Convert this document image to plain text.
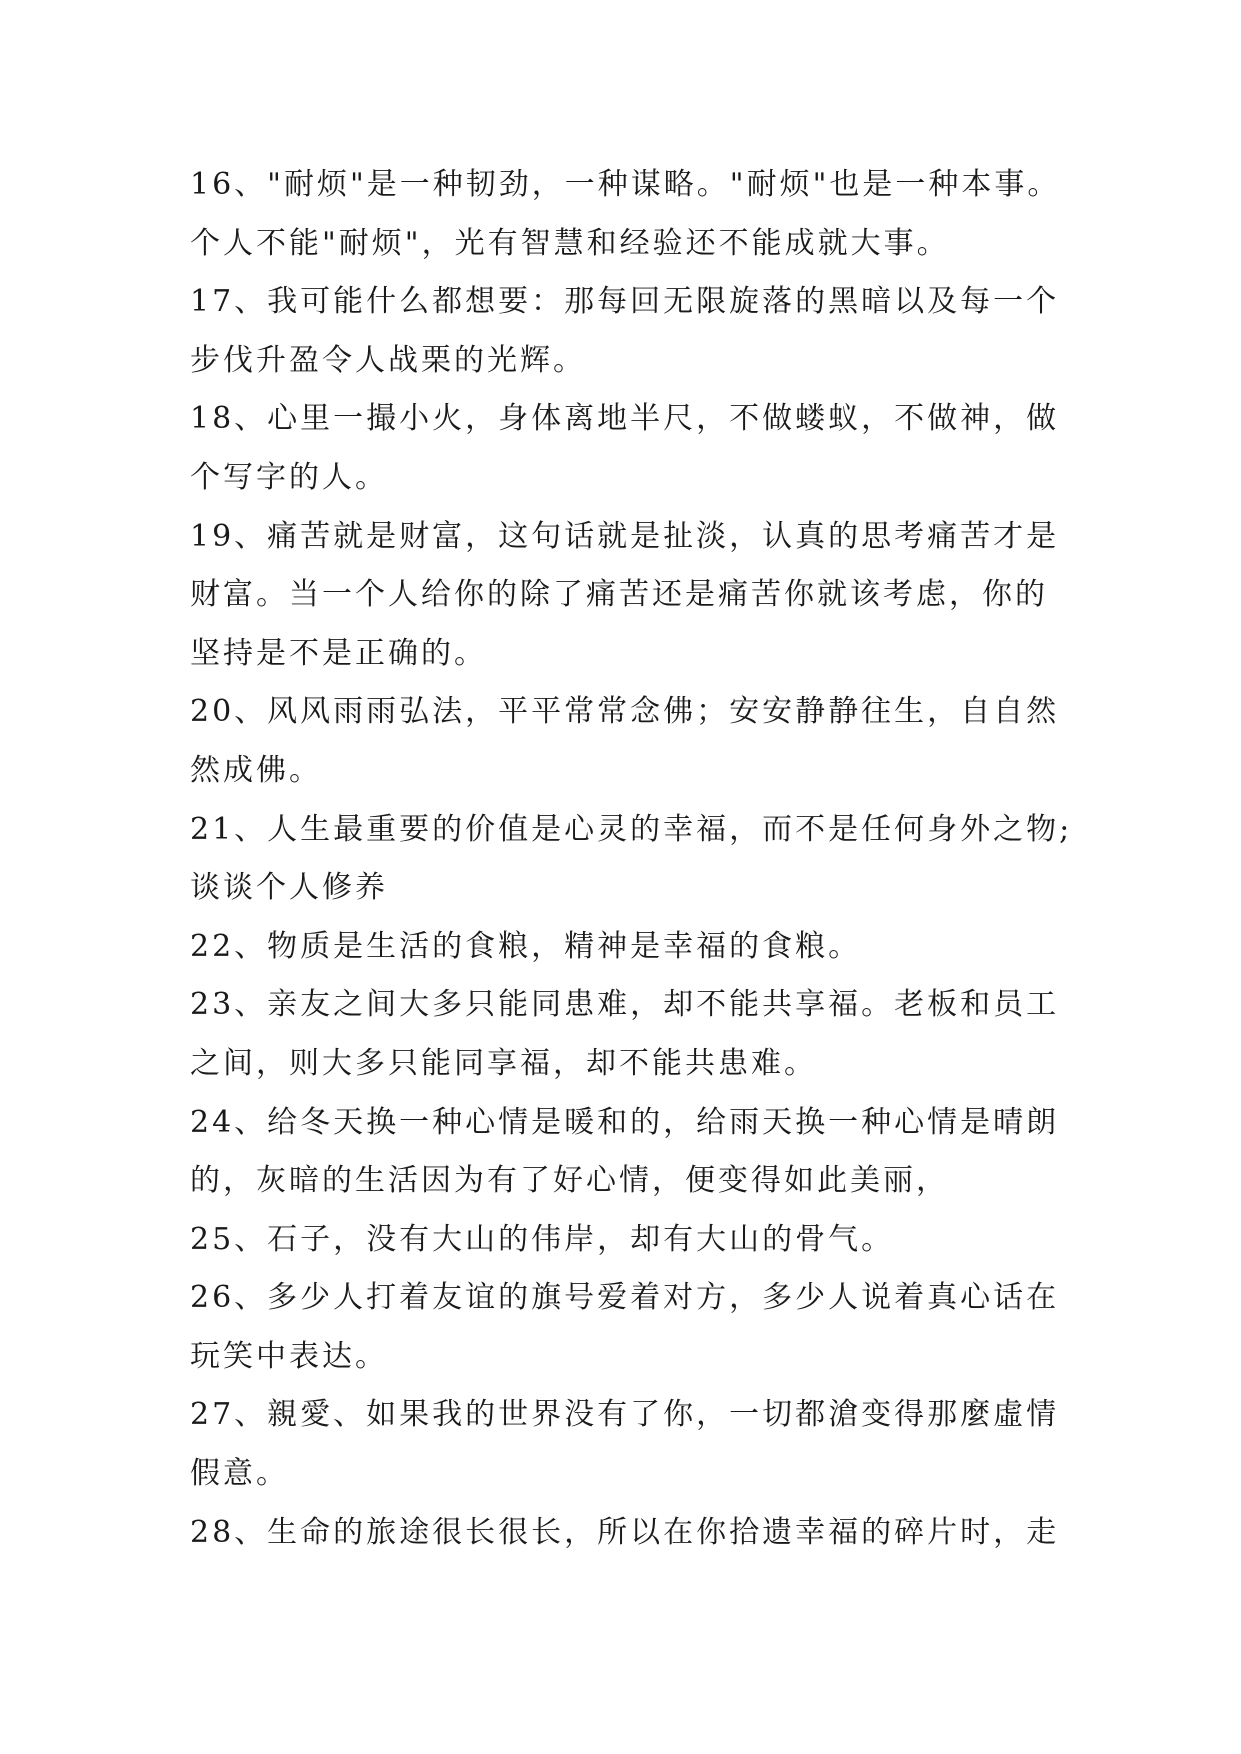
16、"耐烦"是一种韧劲，一种谋略。"耐烦"也是一种本事。
个人不能"耐烦"，光有智慧和经验还不能成就大事。
17、我可能什么都想要：那每回无限旋落的黑暗以及每一个
步伐升盈令人战栗的光辉。
18、心里一撮小火，身体离地半尺，不做蝼蚁，不做神，做
个写字的人。
19、痛苦就是财富，这句话就是扯淡，认真的思考痛苦才是
财富。当一个人给你的除了痛苦还是痛苦你就该考虑，你的
坚持是不是正确的。
20、风风雨雨弘法，平平常常念佛；安安静静往生，自自然
然成佛。
21、人生最重要的价值是心灵的幸福，而不是任何身外之物;
谈谈个人修养
22、物质是生活的食粮，精神是幸福的食粮。
23、亲友之间大多只能同患难，却不能共享福。老板和员工
之间，则大多只能同享福，却不能共患难。
24、给冬天换一种心情是暖和的，给雨天换一种心情是晴朗
的，灰暗的生活因为有了好心情，便变得如此美丽，
25、石子，没有大山的伟岸，却有大山的骨气。
26、多少人打着友谊的旗号爱着对方，多少人说着真心话在
玩笑中表达。
27、親愛、如果我的世界没有了你，一切都滄变得那麼虛情
假意。
28、生命的旅途很长很长，所以在你拾遗幸福的碎片时，走
